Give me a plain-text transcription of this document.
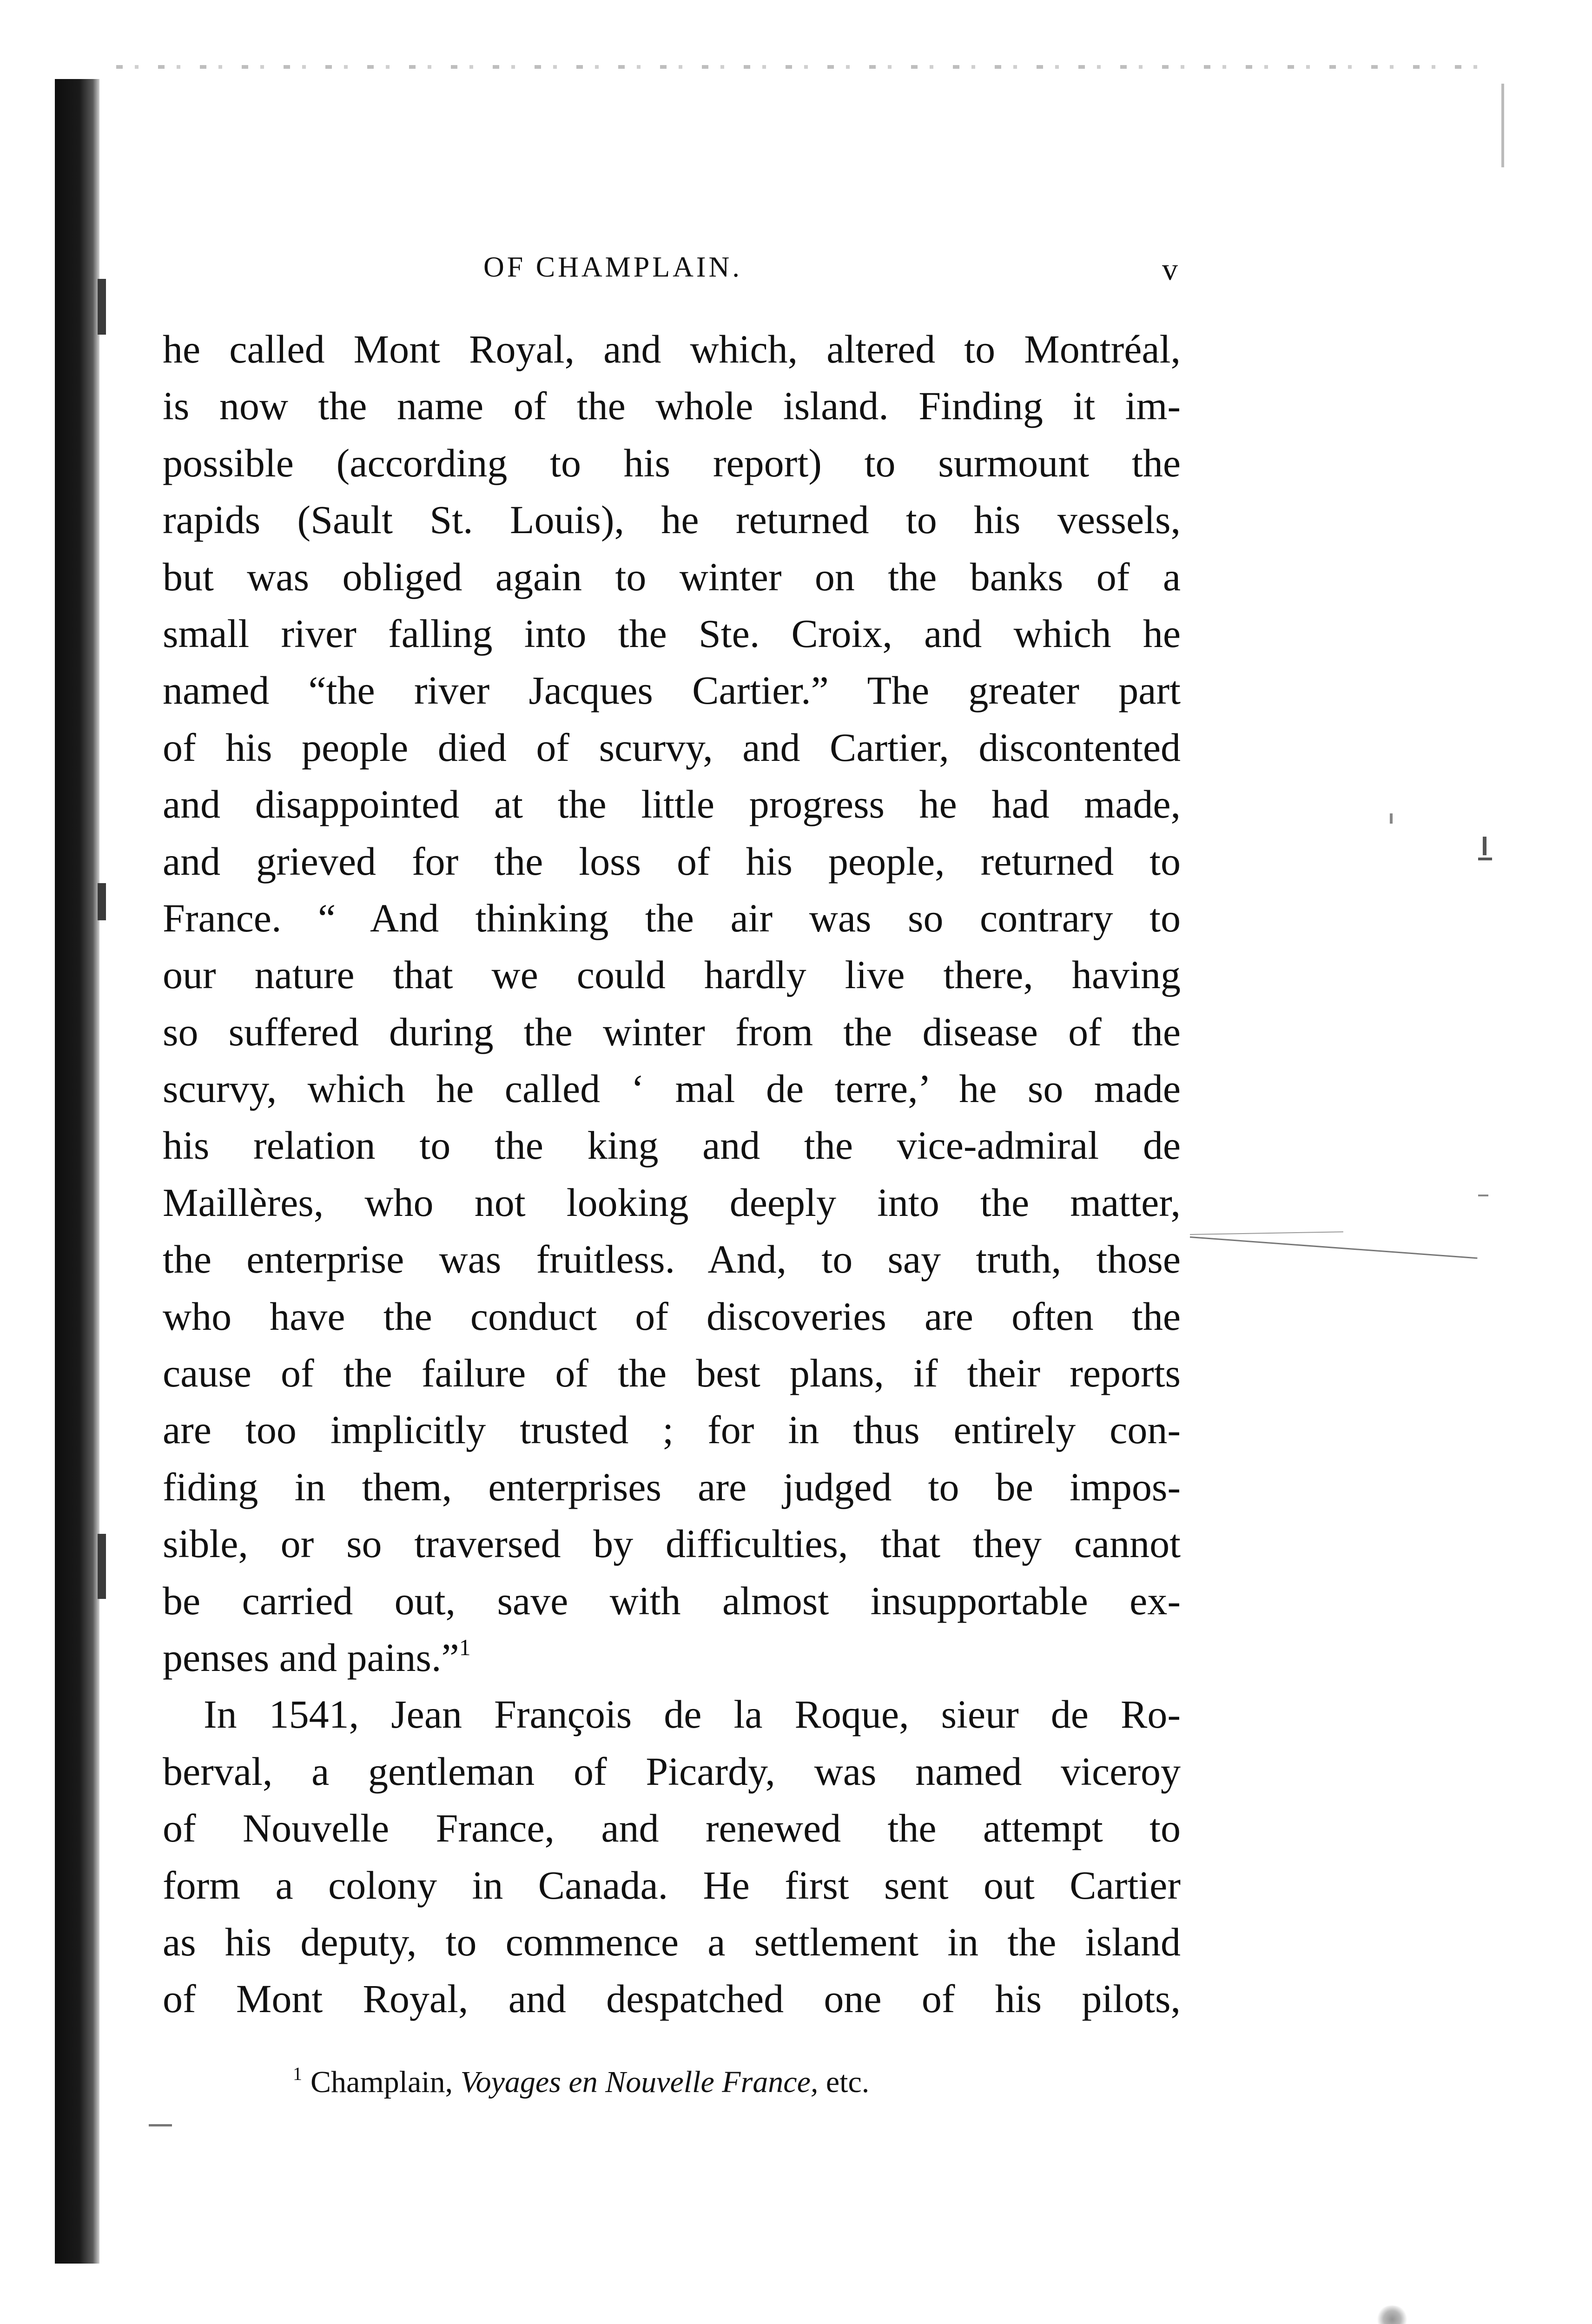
OF CHAMPLAIN.	v
he called Mont Royal, and which, altered to Montréal,
is now the name of the whole island. Finding it im-
possible (according to his report) to surmount the
rapids (Sault St. Louis), he returned to his vessels,
but was obliged again to winter on the banks of a
small river falling into the Ste. Croix, and which he
named “the river Jacques Cartier.” The greater part
of his people died of scurvy, and Cartier, discontented
and disappointed at the little progress he had made,
and grieved for the loss of his people, returned to
France. “ And thinking the air was so contrary to
our nature that we could hardly live there, having
so suffered during the winter from the disease of the
scurvy, which he called ‘ mal de terre,’ he so made
his relation to the king and the vice-admiral de
Maillères, who not looking deeply into the matter,
the enterprise was fruitless. And, to say truth, those
who have the conduct of discoveries are often the
cause of the failure of the best plans, if their reports
are too implicitly trusted ; for in thus entirely con-
fiding in them, enterprises are judged to be impos-
sible, or so traversed by difficulties, that they cannot
be carried out, save with almost insupportable ex-
penses and pains.”$^1$
In 1541, Jean François de la Roque, sieur de Ro-
berval, a gentleman of Picardy, was named viceroy
of Nouvelle France, and renewed the attempt to
form a colony in Canada. He first sent out Cartier
as his deputy, to commence a settlement in the island
of Mont Royal, and despatched one of his pilots,
$^1$ Champlain, Voyages en Nouvelle France, etc.
